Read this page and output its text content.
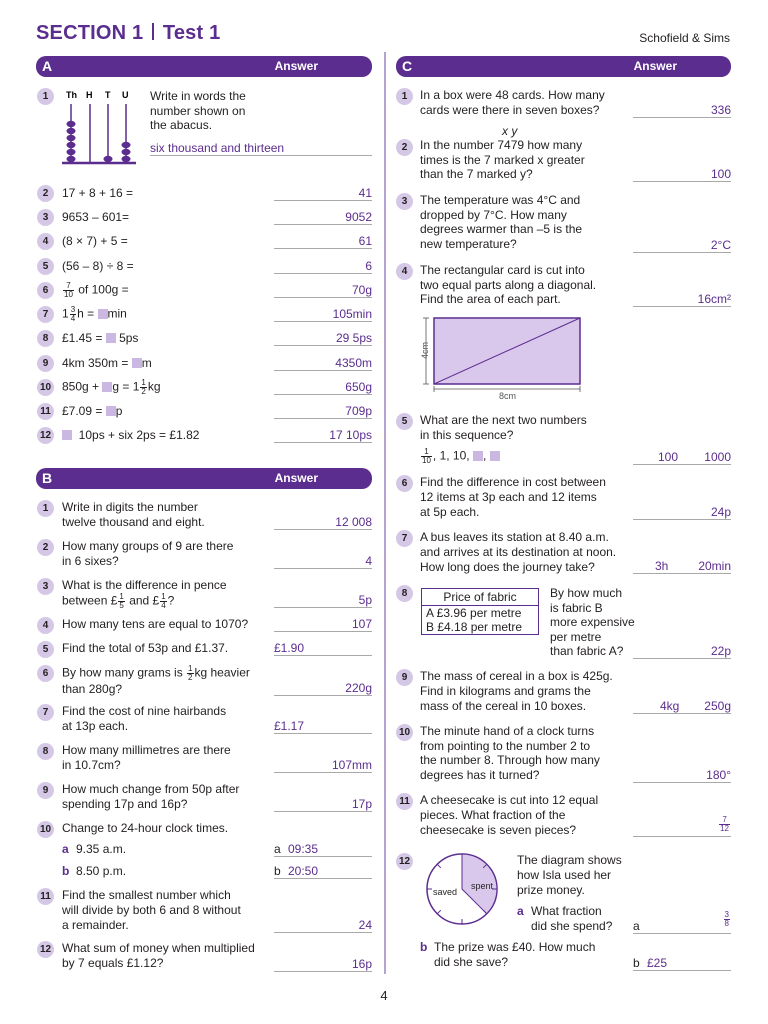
SECTION 1 Test 1	Schofield & Sims
A	Answer
1	Th H T U Write in words the
number shown on
the abacus.
six thousand and thirteen
2	17 + 8 + 16 =	41
3	9653 – 601=	9052
4	(8 × 7) + 5 =	61
5	(56 – 8) ÷ 8 =	6
6	$\frac{7}{10}$ of 100g =	70g
7	$1 \frac{3}{4}$ h = min	105min
8	£1.45 = 5ps	29 5ps
9	4km 350m = m	4350m
10 $850g + g = 1 \frac{1}{2}$ kg	650g
11 £7.09 = p	709p
12	10ps + six 2ps = £1.82	17 10ps
B	Answer
1	Write in digits the number
twelve thousand and eight.	12 008
2	How many groups of 9 are there
in 6 sixes?	4
3	What is the difference in pence
between £ $\frac{1}{5}$ and £ $\frac{1}{4}$ ?	5p
4	How many tens are equal to 1070?	107
5	Find the total of 53p and £1.37.	£1.90
6	By how many grams is $\frac{1}{2}$ kg heavier
than 280g?	220g
7	Find the cost of nine hairbands
at 13p each.	£1.17
8	How many millimetres are there
in 10.7cm?	107mm
9	How much change from 50p after
spending 17p and 16p?	17p
10 Change to 24-hour clock times.
a 9.35 a.m.	a 09:35
b 8.50 p.m.	b 20:50
11 Find the smallest number which
will divide by both 6 and 8 without
a remainder.	24
12 What sum of money when multiplied
by 7 equals £1.12?	16p
C	Answer
1	In a box were 48 cards. How many
cards were there in seven boxes?	336
x y
2	In the number 7479 how many
times is the 7 marked x greater
than the 7 marked y?	100
3	The temperature was 4°C and
dropped by 7°C. How many
degrees warmer than –5 is the
new temperature?	2°C
4	The rectangular card is cut into
two equal parts along a diagonal.
Find the area of each part.	16cm²
4cm
8cm
5	What are the next two numbers
in this sequence?
$\frac{1}{10}$ , 1, 10, ,	100 1000
6	Find the difference in cost between
12 items at 3p each and 12 items
at 5p each.	24p
7	A bus leaves its station at 8.40 a.m.
and arrives at its destination at noon.
How long does the journey take?	3h 20min
8	Price of fabric
A £3.96 per metre
B £4.18 per metre
By how much
is fabric B
more expensive
per metre
than fabric A?	22p
9	The mass of cereal in a box is 425g.
Find in kilograms and grams the
mass of the cereal in 10 boxes.	4kg 250g
10 The minute hand of a clock turns
from pointing to the number 2 to
the number 8. Through how many
degrees has it turned?	180°
11 A cheesecake is cut into 12 equal
pieces. What fraction of the
cheesecake is seven pieces?	$\frac{7}{12}$
12
saved
spent
The diagram shows
how Isla used her
prize money.
a What fraction
did she spend? a	$\frac{3}{8}$
b The prize was £40. How much
did she save?	b £25
4
